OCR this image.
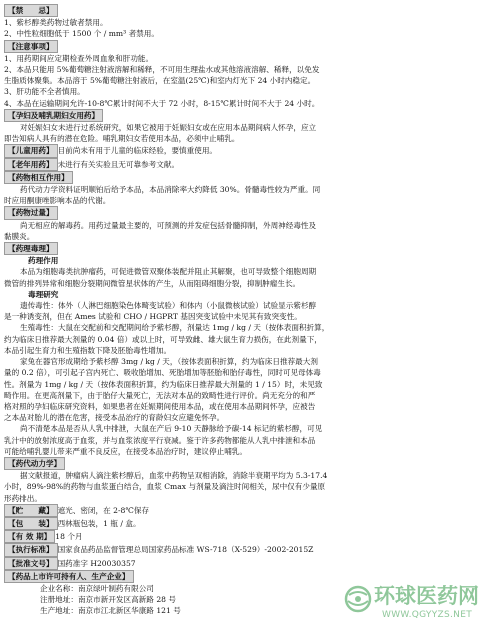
【禁　　忌】
1、紫杉醇类药物过敏者禁用。
2、中性粒细胞低于 1500 个 / mm³ 者禁用。
【注意事项】
1、用药期间应定期检查外周血象和肝功能。
2、本品只能用 5%葡萄糖注射液溶解和稀释，不可用生理盐水或其他溶液溶解、稀释，以免发
生脂质体聚集。本品溶于 5%葡萄糖注射液后，在室温(25℃)和室内灯光下 24 小时内稳定。
3、肝功能不全者慎用。
4、本品在运输期间允许-10-8℃累计时间不大于 72 小时，8-15℃累计时间不大于 24 小时。
【孕妇及哺乳期妇女用药】
对妊娠妇女未进行过系统研究，如果它被用于妊娠妇女或在应用本品期间病人怀孕，应立
即告知病人具有的潜在危险。哺乳期妇女若使用本品，必须中止哺乳。
【儿童用药】 目前尚未有用于儿童的临床经验，要慎重使用。
【老年用药】 未进行有关实验且无可靠参考文献。
【药物相互作用】
药代动力学资料证明顺铂后给予本品，本品消除率大约降低 30%。骨髓毒性较为严重。同
时应用酮康唑影响本品的代谢。
【药物过量】
尚无相应的解毒药。用药过量最主要的，可预测的并发症包括骨髓抑制，外周神经毒性及
黏膜炎。
【药理毒理】
药理作用
本品为细胞毒类抗肿瘤药，可促进微管双聚体装配并阻止其解聚，也可导致整个细胞周期
微管的排列异常和细胞分裂期间微管星状体的产生，从而阻碍细胞分裂，抑制肿瘤生长。
毒理研究
遗传毒性：体外（人淋巴细胞染色体畸变试验）和体内（小鼠微核试验）试验显示紫杉醇
是一种诱变剂，但在 Ames 试验和 CHO / HGPRT 基因突变试验中未见其有致突变性。
生殖毒性：大鼠在交配前和交配期间给予紫杉醇，剂量达 1mg / kg / 天（按体表面积折算，
约为临床日推荐最大剂量的 0.04 倍）或以上时，可导致雌、雄大鼠生育力损伤，在此剂量下，
本品引起生育力和生殖指数下降及胚胎毒性增加。
家兔在器官形成期给予紫杉醇 3mg / kg / 天，（按体表面积折算，约为临床日推荐最大剂
量的 0.2 倍），可引起子宫内死亡、吸收胎增加、死胎增加等胚胎和胎仔毒性，同时可见母体毒
性。剂量为 1mg / kg / 天（按体表面积折算，约为临床日推荐最大剂量的 1 / 15）时，未见致
畸作用。在更高剂量下，由于胎仔大量死亡，无法对本品的致畸性进行评价。尚无充分的和严
格对照的孕妇临床研究资料，如果患者在妊娠期间使用本品，或在使用本品期间怀孕，应被告
之本品对胎儿的潜在危害，接受本品治疗的育龄妇女应避免怀孕。
尚不清楚本品是否从人乳中排泄，大鼠在产后 9-10 天静脉给予碳-14 标记的紫杉醇，可见
乳汁中的放射浓度高于血浆，并与血浆浓度平行衰减。鉴于许多药物都能从人乳中排泄和本品
可能给哺乳婴儿带来严重不良反应，在接受本品治疗时，建议停止哺乳。
【药代动力学】
据文献报道，肿瘤病人滴注紫杉醇后，血浆中药物呈双相消除，消除半衰期平均为 5.3-17.4
小时，89%-98%的药物与血浆蛋白结合，血浆 Cmax 与剂量及滴注时间相关，尿中仅有少量原
形药排出。
【贮　　藏】 遮光、密闭，在 2-8℃保存
【包　　装】 西林瓶包装，1 瓶 / 盒。
【有 效 期】 18 个月
【执行标准】 国家食品药品监督管理总局国家药品标准 WS-718（X-529）-2002-2015Z
【批准文号】 国药准字 H20030357
【药品上市许可持有人、生产企业】
企业名称：南京绿叶制药有限公司
注册地址：南京市新开发区高新路 28 号
生产地址：南京市江北新区华康路 121 号
环球医药网
WWW.QGYYZS.NET
